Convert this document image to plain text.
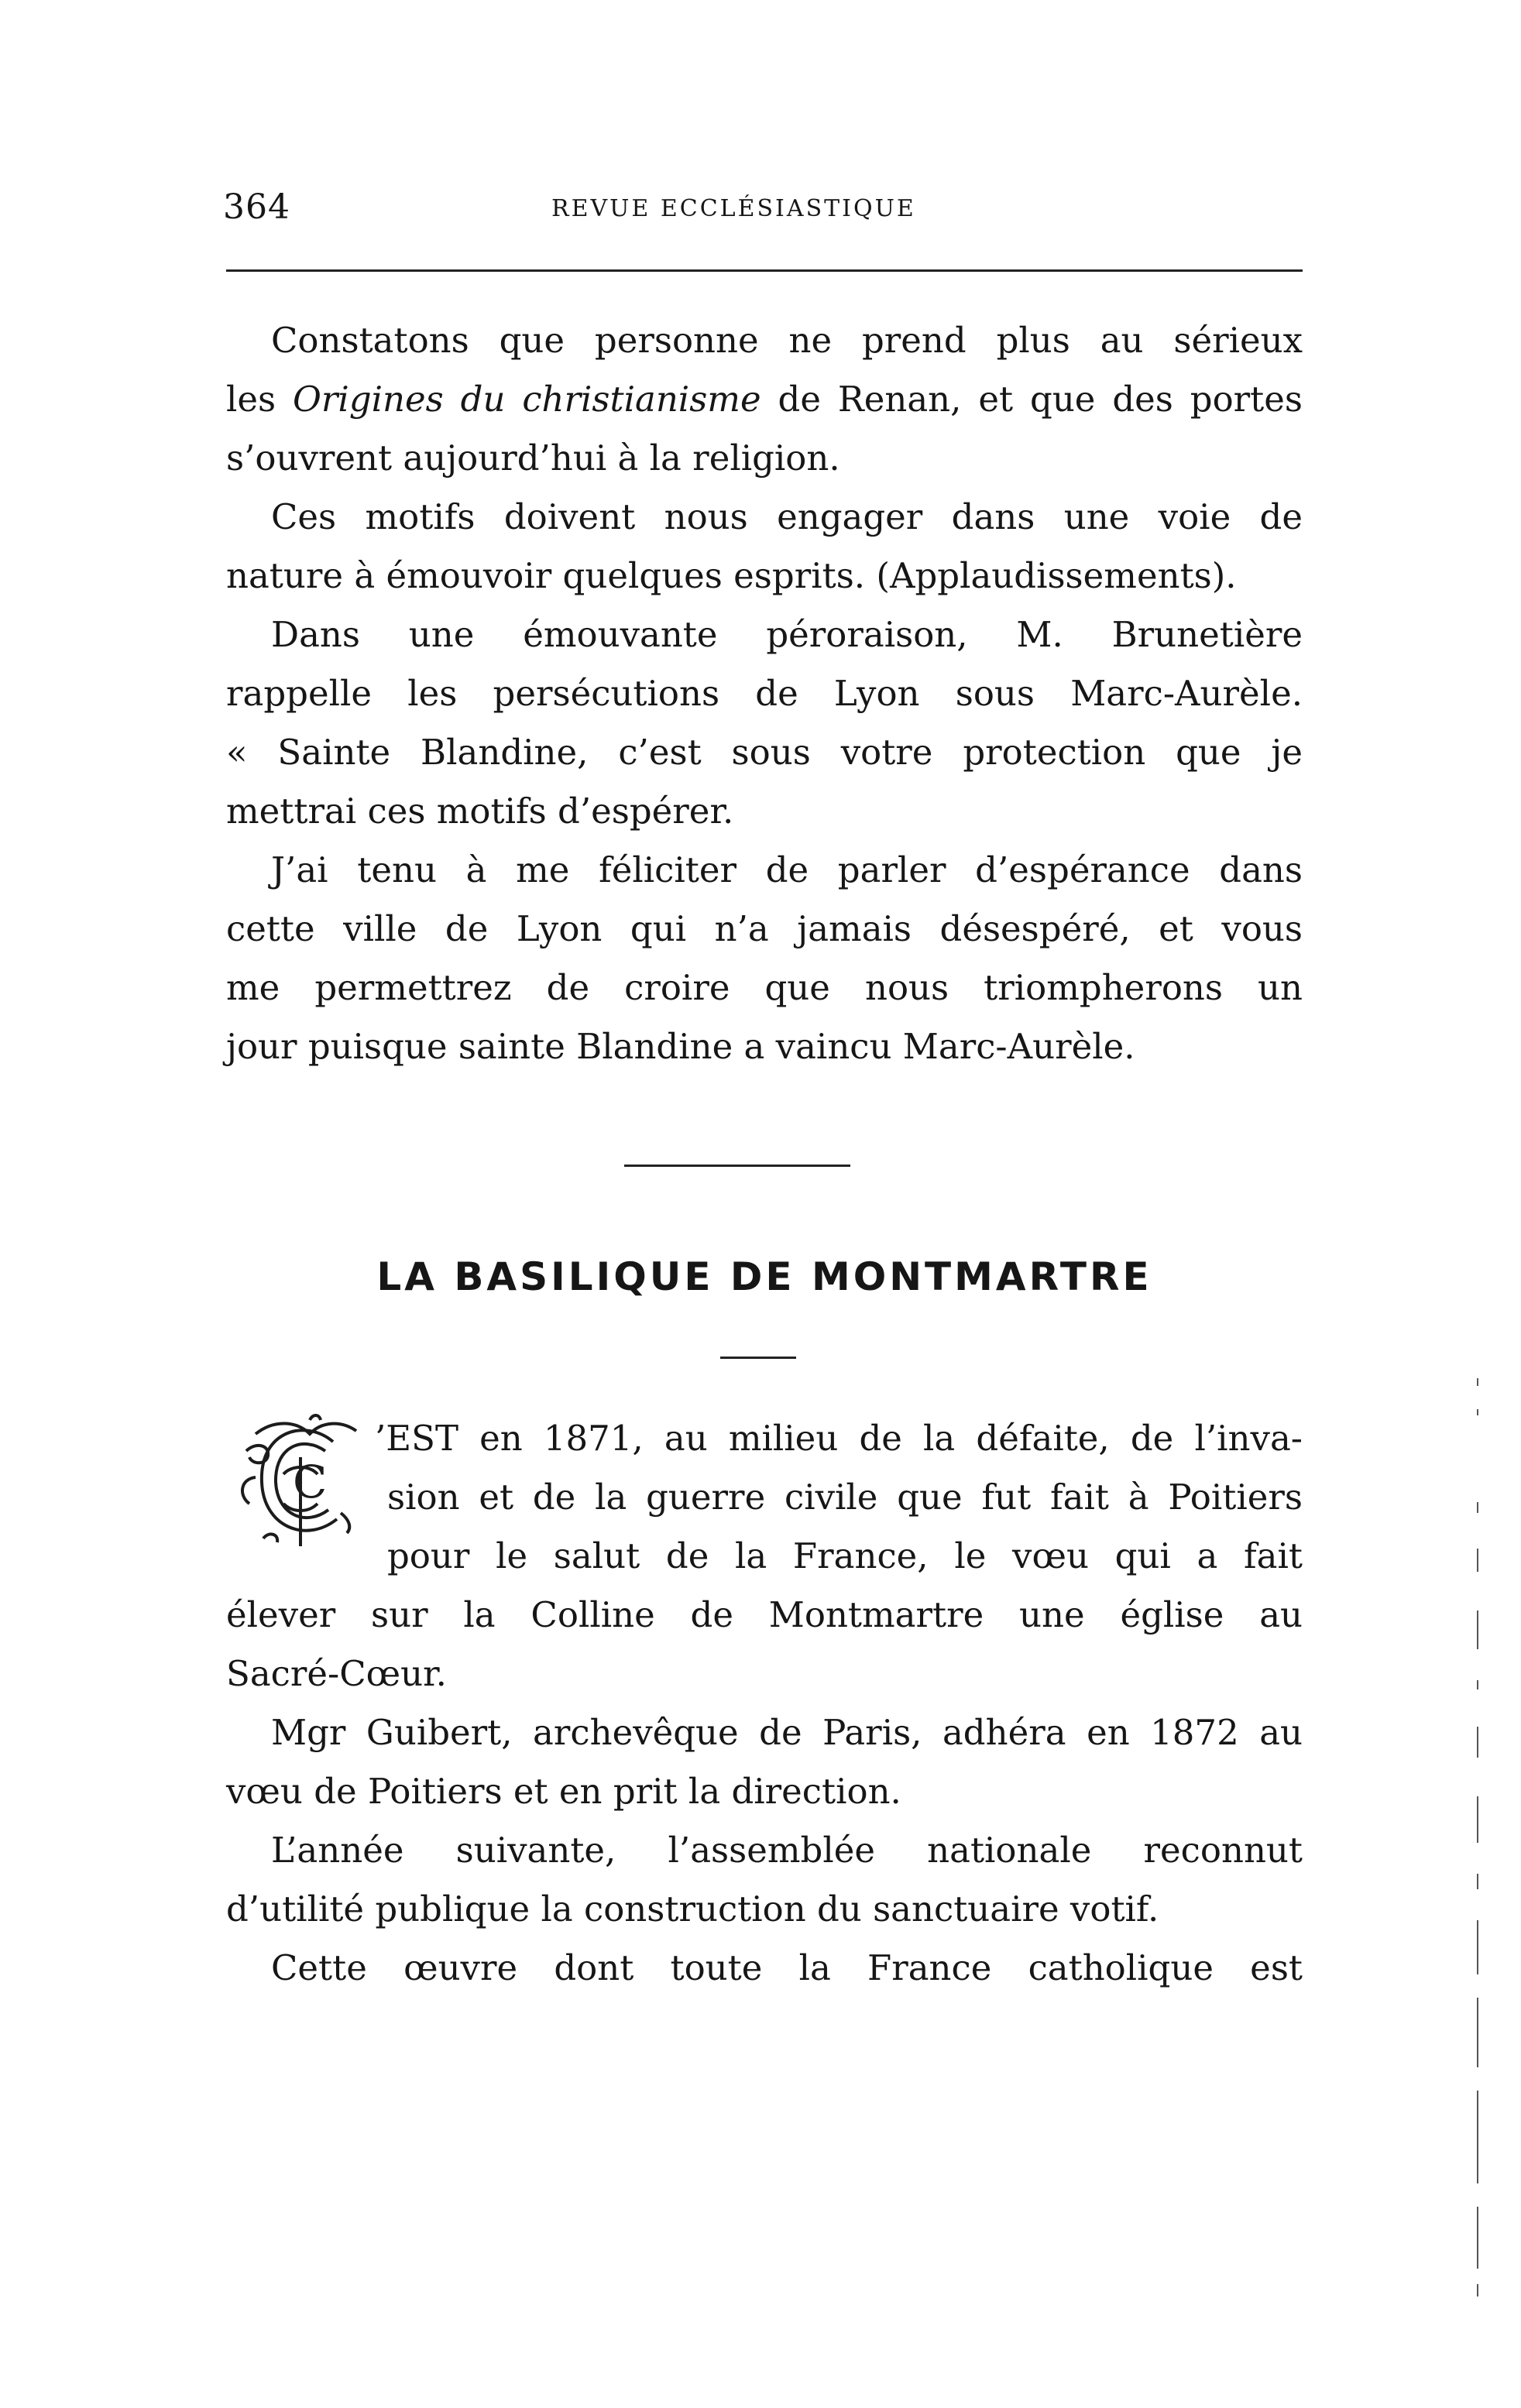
364	REVUE ECCLÉSIASTIQUE
Constatons que personne ne prend plus au sérieux
les Origines du christianisme de Renan, et que des portes
s’ouvrent aujourd’hui à la religion.
Ces motifs doivent nous engager dans une voie de
nature à émouvoir quelques esprits. (Applaudissements).
Dans une émouvante péroraison, M. Brunetière
rappelle les persécutions de Lyon sous Marc-Aurèle.
« Sainte Blandine, c’est sous votre protection que je
mettrai ces motifs d’espérer.
J’ai tenu à me féliciter de parler d’espérance dans
cette ville de Lyon qui n’a jamais désespéré, et vous
me permettrez de croire que nous triompherons un
jour puisque sainte Blandine a vaincu Marc-Aurèle.
LA BASILIQUE DE MONTMARTRE
C
’EST en 1871, au milieu de la défaite, de l’inva-
sion et de la guerre civile que fut fait à Poitiers
pour le salut de la France, le vœu qui a fait
élever sur la Colline de Montmartre une église au
Sacré-Cœur.
Mgr Guibert, archevêque de Paris, adhéra en 1872 au
vœu de Poitiers et en prit la direction.
L’année suivante, l’assemblée nationale reconnut
d’utilité publique la construction du sanctuaire votif.
Cette œuvre dont toute la France catholique est
